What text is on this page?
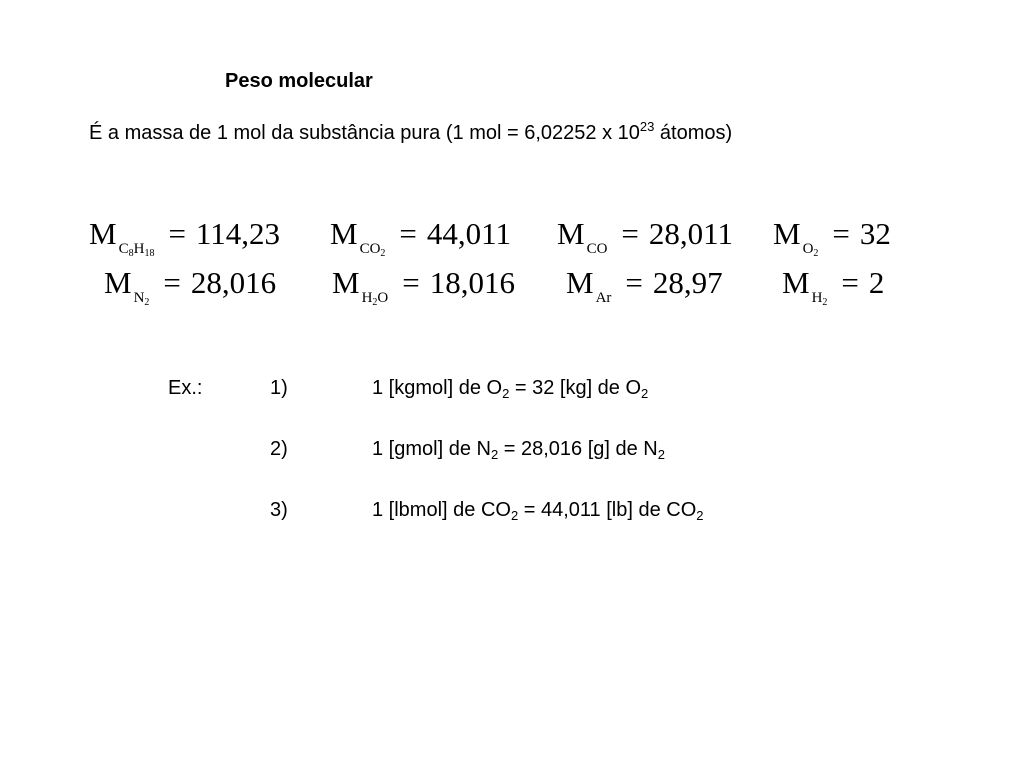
Peso molecular
É a massa de 1 mol da substância pura (1 mol = 6,02252 x $10^{23}$ átomos)
M $C_8H_{18}= 114,23$ M $CO_2= 44,011$ M CO = 28,011 M $O_2= 32$
M $N_2= 28,016$ M $H_2O = 18,016$ M Ar = 28,97 M $H_2= 2$
Ex.:	1)	1 [kgmol] de $O_2 = 32$ [kg] de $O_2$
2)	1 [gmol] de $N_2 = 28,016$ [g] de $N_2$
3)	1 [lbmol] de $CO_2 = 44,011$ [lb] de $CO_2$
